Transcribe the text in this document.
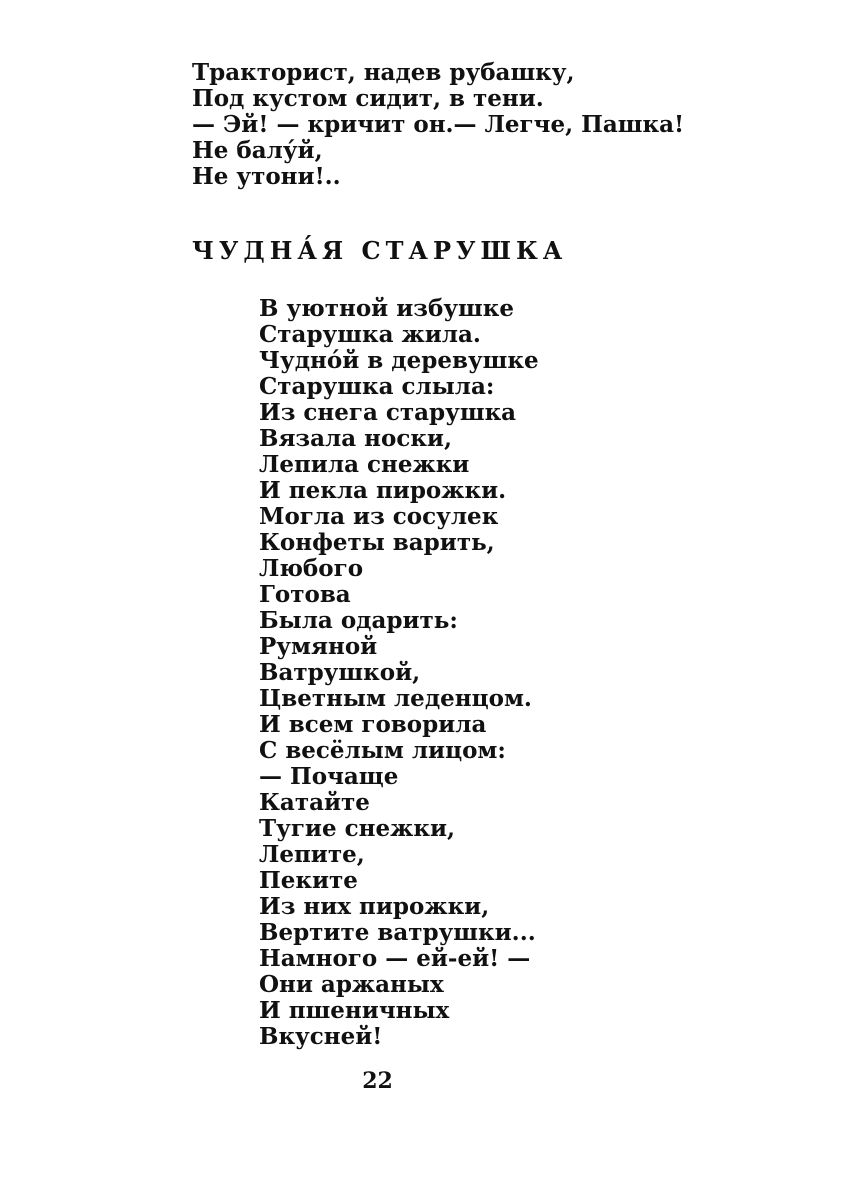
Тракторист, надев рубашку,
Под кустом сидит, в тени.
— Эй! — кричит он.— Легче, Пашка!
Не балу́й,
Не утони!..
ЧУДНА́Я СТАРУШКА
В уютной избушке
Старушка жила.
Чудно́й в деревушке
Старушка слыла:
Из снега старушка
Вязала носки,
Лепила снежки
И пекла пирожки.
Могла из сосулек
Конфеты варить,
Любого
Готова
Была одарить:
Румяной
Ватрушкой,
Цветным леденцом.
И всем говорила
С весёлым лицом:
— Почаще
Катайте
Тугие снежки,
Лепите,
Пеките
Из них пирожки,
Вертите ватрушки...
Намного — ей-ей! —
Они аржаных
И пшеничных
Вкусней!
22
